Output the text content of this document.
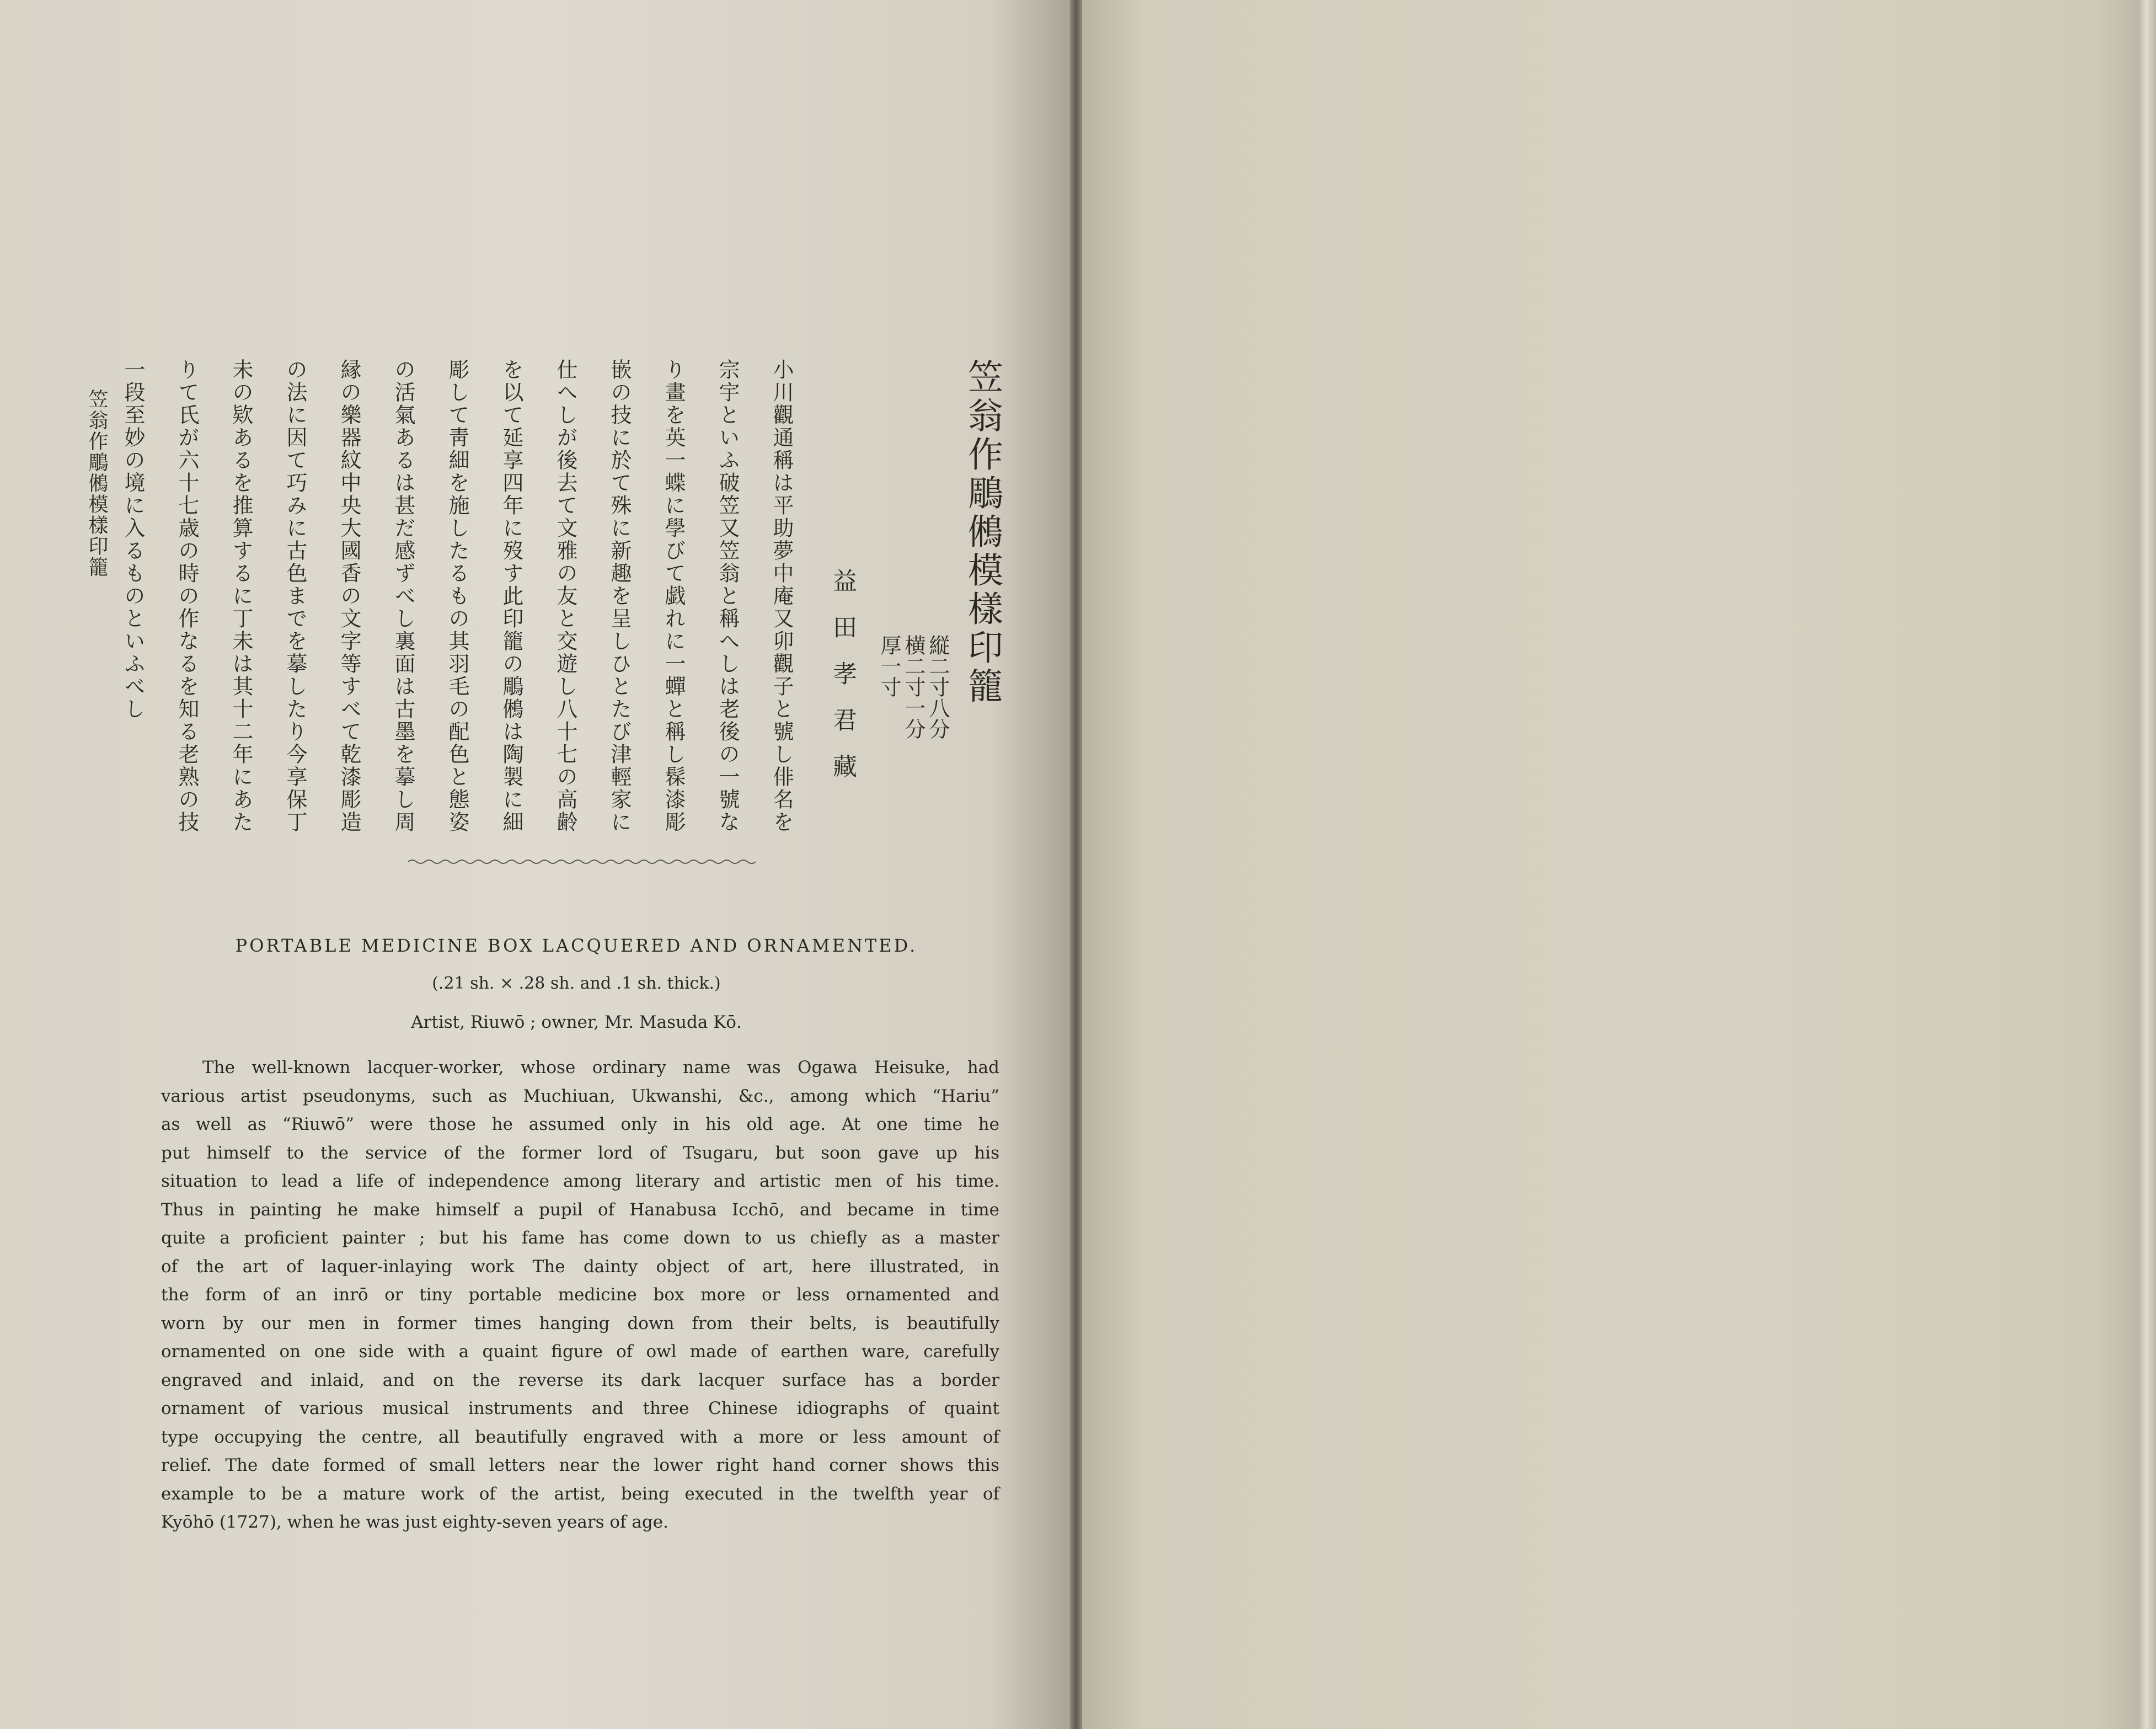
笠翁作鵰鵂模樣印籠
縦二寸八分
横二寸一分
厚一寸
益田孝君藏
小川觀通稱は平助夢中庵又卯觀子と號し俳名を
宗宇といふ破笠又笠翁と稱へしは老後の一號な
り畫を英一蝶に學びて戯れに一蟬と稱し髹漆彫
嵌の技に於て殊に新趣を呈しひとたび津輕家に
仕へしが後去て文雅の友と交遊し八十七の高齢
を以て延享四年に歿す此印籠の鵰鵂は陶製に細
彫して靑細を施したるもの其羽毛の配色と態姿
の活氣あるは甚だ感ずべし裏面は古墨を摹し周
縁の樂器紋中央大國香の文字等すべて乾漆彫造
の法に因て巧みに古色までを摹したり今享保丁
未の欵あるを推算するに丁未は其十二年にあた
りて氏が六十七歳の時の作なるを知る老熟の技
一段至妙の境に入るものといふべし
笠翁作鵰鵂模樣印籠
PORTABLE MEDICINE BOX LACQUERED AND ORNAMENTED.
(.21 sh. × .28 sh. and .1 sh. thick.)
Artist, Riuwō ; owner, Mr. Masuda Kō.
The well-known lacquer-worker, whose ordinary name was Ogawa Heisuke, had
various artist pseudonyms, such as Muchiuan, Ukwanshi, &c., among which “Hariu”
as well as “Riuwō” were those he assumed only in his old age. At one time he
put himself to the service of the former lord of Tsugaru, but soon gave up his
situation to lead a life of independence among literary and artistic men of his time.
Thus in painting he make himself a pupil of Hanabusa Icchō, and became in time
quite a proficient painter ; but his fame has come down to us chiefly as a master
of the art of laquer-inlaying work The dainty object of art, here illustrated, in
the form of an inrō or tiny portable medicine box more or less ornamented and
worn by our men in former times hanging down from their belts, is beautifully
ornamented on one side with a quaint figure of owl made of earthen ware, carefully
engraved and inlaid, and on the reverse its dark lacquer surface has a border
ornament of various musical instruments and three Chinese idiographs of quaint
type occupying the centre, all beautifully engraved with a more or less amount of
relief. The date formed of small letters near the lower right hand corner shows this
example to be a mature work of the artist, being executed in the twelfth year of
Kyōhō (1727), when he was just eighty-seven years of age.
